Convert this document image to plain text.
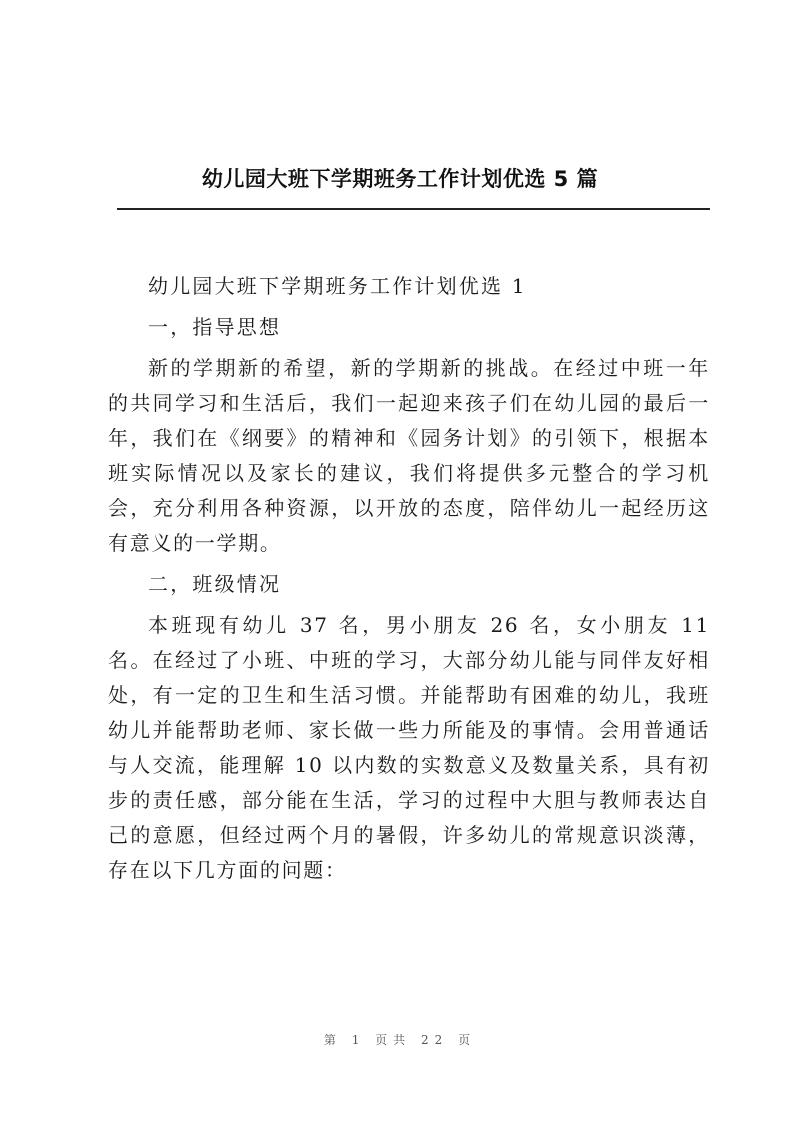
幼儿园大班下学期班务工作计划优选 5 篇

幼儿园大班下学期班务工作计划优选 1

一，指导思想

新的学期新的希望，新的学期新的挑战。在经过中班一年的共同学习和生活后，我们一起迎来孩子们在幼儿园的最后一年，我们在《纲要》的精神和《园务计划》的引领下，根据本班实际情况以及家长的建议，我们将提供多元整合的学习机会，充分利用各种资源，以开放的态度，陪伴幼儿一起经历这有意义的一学期。

二，班级情况

本班现有幼儿 37 名，男小朋友 26 名，女小朋友 11 名。在经过了小班、中班的学习，大部分幼儿能与同伴友好相处，有一定的卫生和生活习惯。并能帮助有困难的幼儿，我班幼儿并能帮助老师、家长做一些力所能及的事情。会用普通话与人交流，能理解 10 以内数的实数意义及数量关系，具有初步的责任感，部分能在生活，学习的过程中大胆与教师表达自己的意愿，但经过两个月的暑假，许多幼儿的常规意识淡薄，存在以下几方面的问题：

第 1 页共 22 页
